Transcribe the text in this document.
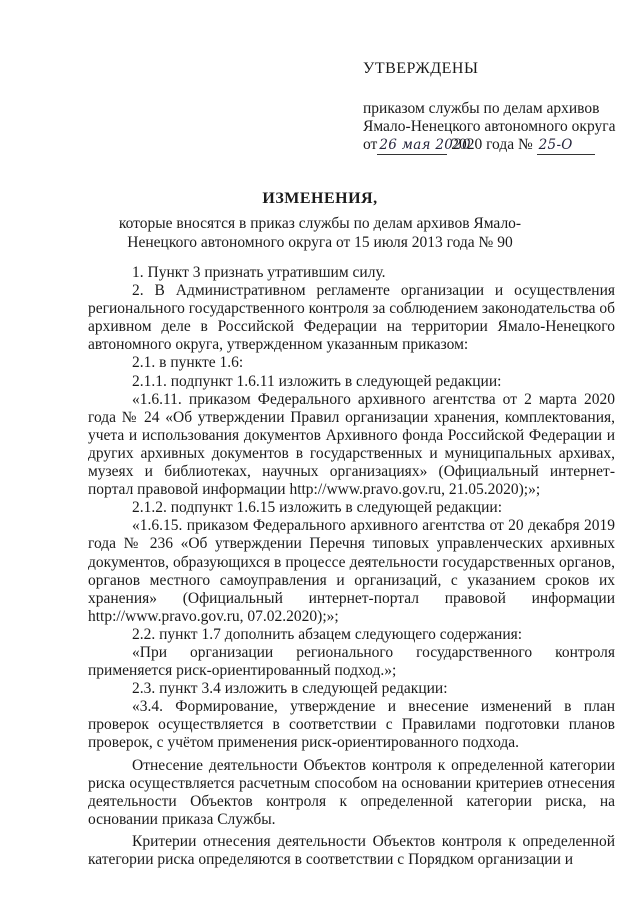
УТВЕРЖДЕНЫ
приказом службы по делам архивов
Ямало-Ненецкого автономного округа
от 26 мая 2020 2020 года № 25-О
ИЗМЕНЕНИЯ,
которые вносятся в приказ службы по делам архивов Ямало-Ненецкого автономного округа от 15 июля 2013 года № 90

1. Пункт 3 признать утратившим силу.

2. В Административном регламенте организации и осуществления регионального государственного контроля за соблюдением законодательства об архивном деле в Российской Федерации на территории Ямало-Ненецкого автономного округа, утвержденном указанным приказом:

2.1. в пункте 1.6:

2.1.1. подпункт 1.6.11 изложить в следующей редакции:

«1.6.11. приказом Федерального архивного агентства от 2 марта 2020 года № 24 «Об утверждении Правил организации хранения, комплектования, учета и использования документов Архивного фонда Российской Федерации и других архивных документов в государственных и муниципальных архивах, музеях и библиотеках, научных организациях» (Официальный интернет-портал правовой информации http://www.pravo.gov.ru, 21.05.2020);»;

2.1.2. подпункт 1.6.15 изложить в следующей редакции:

«1.6.15. приказом Федерального архивного агентства от 20 декабря 2019 года № 236 «Об утверждении Перечня типовых управленческих архивных документов, образующихся в процессе деятельности государственных органов, органов местного самоуправления и организаций, с указанием сроков их хранения» (Официальный интернет-портал правовой информации http://www.pravo.gov.ru, 07.02.2020);»;

2.2. пункт 1.7 дополнить абзацем следующего содержания:

«При организации регионального государственного контроля применяется риск-ориентированный подход.»;

2.3. пункт 3.4 изложить в следующей редакции:

«3.4. Формирование, утверждение и внесение изменений в план проверок осуществляется в соответствии с Правилами подготовки планов проверок, с учётом применения риск-ориентированного подхода.

Отнесение деятельности Объектов контроля к определенной категории риска осуществляется расчетным способом на основании критериев отнесения деятельности Объектов контроля к определенной категории риска, на основании приказа Службы.

Критерии отнесения деятельности Объектов контроля к определенной категории риска определяются в соответствии с Порядком организации и
